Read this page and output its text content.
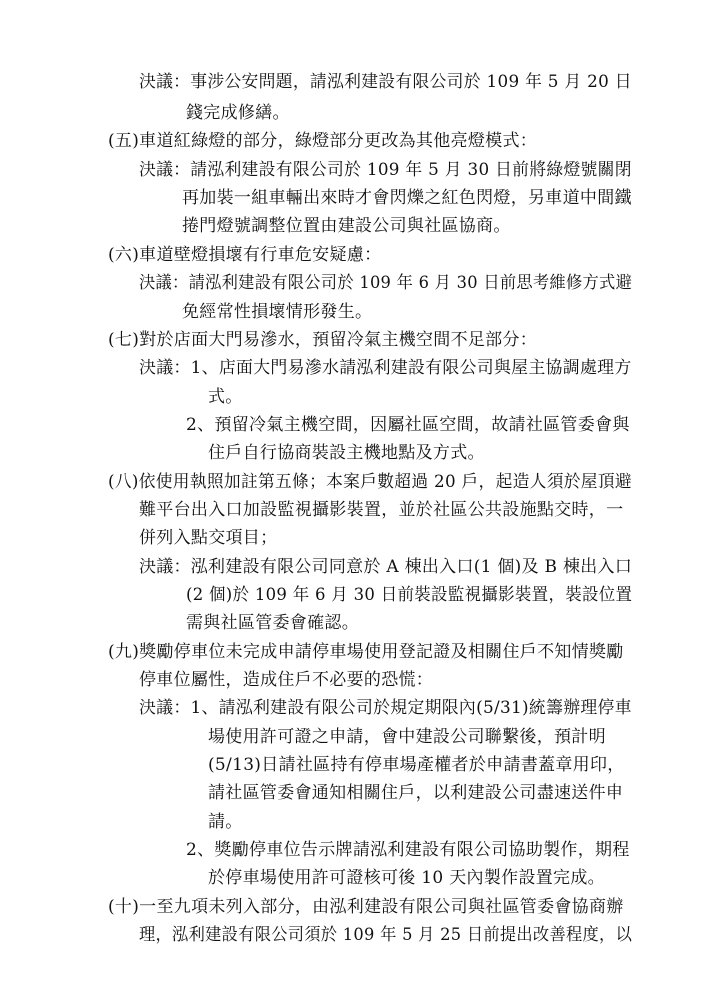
決議：事涉公安問題，請泓利建設有限公司於 109 年 5 月 20 日
錢完成修繕。
(五)車道紅綠燈的部分，綠燈部分更改為其他亮燈模式：
決議：請泓利建設有限公司於 109 年 5 月 30 日前將綠燈號關閉
再加裝一組車輛出來時才會閃爍之紅色閃燈，另車道中間鐵
捲門燈號調整位置由建設公司與社區協商。
(六)車道壁燈損壞有行車危安疑慮：
決議：請泓利建設有限公司於 109 年 6 月 30 日前思考維修方式避
免經常性損壞情形發生。
(七)對於店面大門易滲水，預留冷氣主機空間不足部分：
決議：1、店面大門易滲水請泓利建設有限公司與屋主協調處理方
式。
2、預留冷氣主機空間，因屬社區空間，故請社區管委會與
住戶自行協商裝設主機地點及方式。
(八)依使用執照加註第五條；本案戶數超過 20 戶，起造人須於屋頂避
難平台出入口加設監視攝影裝置，並於社區公共設施點交時，一
併列入點交項目；
決議：泓利建設有限公司同意於 A 棟出入口(1 個)及 B 棟出入口
(2 個)於 109 年 6 月 30 日前裝設監視攝影裝置，裝設位置
需與社區管委會確認。
(九)獎勵停車位未完成申請停車場使用登記證及相關住戶不知情獎勵
停車位屬性，造成住戶不必要的恐慌：
決議：1、請泓利建設有限公司於規定期限內(5/31)統籌辦理停車
場使用許可證之申請，會中建設公司聯繫後，預計明
(5/13)日請社區持有停車場產權者於申請書蓋章用印，
請社區管委會通知相關住戶，以利建設公司盡速送件申
請。
2、獎勵停車位告示牌請泓利建設有限公司協助製作，期程
於停車場使用許可證核可後 10 天內製作設置完成。
(十)一至九項未列入部分，由泓利建設有限公司與社區管委會協商辦
理，泓利建設有限公司須於 109 年 5 月 25 日前提出改善程度，以
